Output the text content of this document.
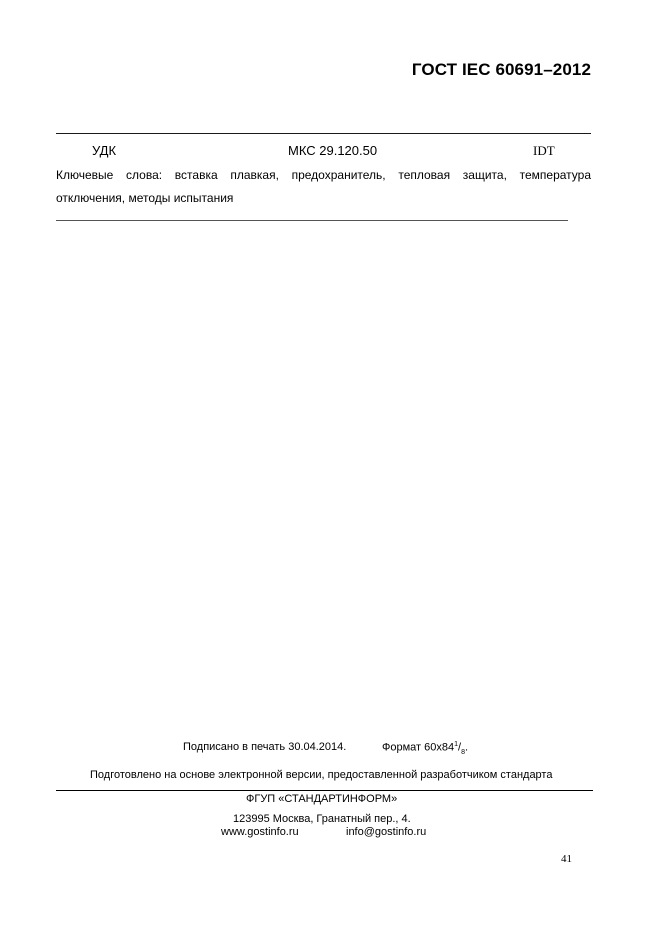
ГОСТ IEC 60691–2012
УДК	МКС 29.120.50	IDT
Ключевые слова: вставка плавкая, предохранитель, тепловая защита, температура отключения, методы испытания
Подписано в печать 30.04.2014.	Формат $60x84^1/_8$.
Подготовлено на основе электронной версии, предоставленной разработчиком стандарта
ФГУП «СТАНДАРТИНФОРМ»
123995 Москва, Гранатный пер., 4.
www.gostinfo.ru	info@gostinfo.ru
41
